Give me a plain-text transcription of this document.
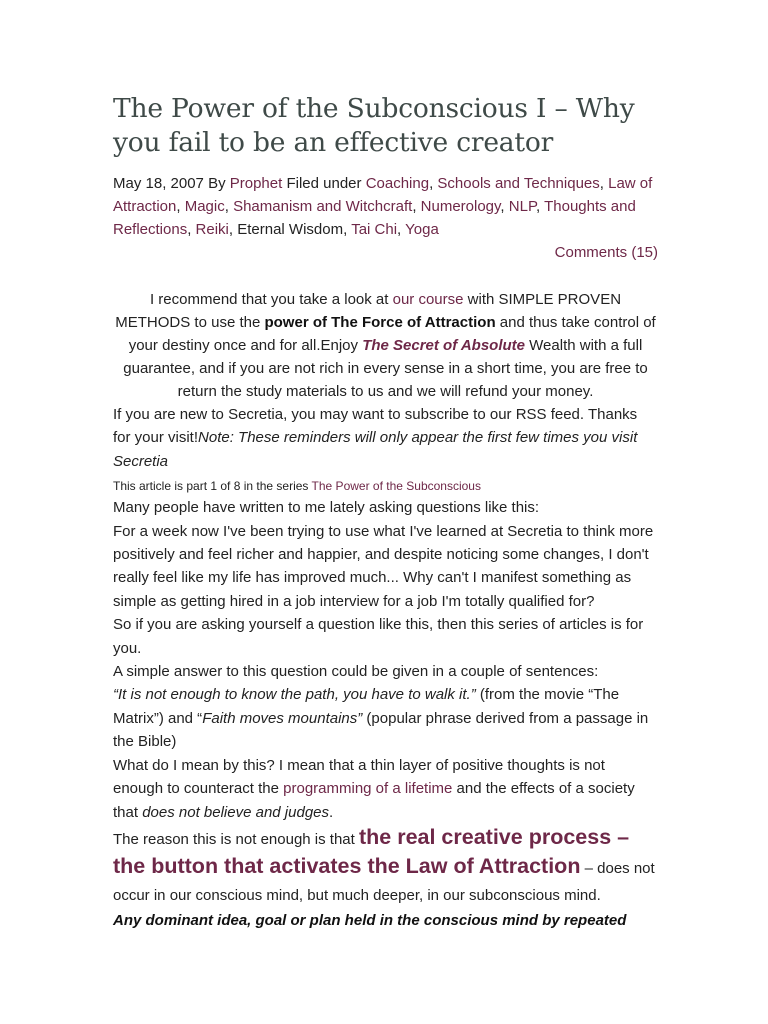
The Power of the Subconscious I – Why you fail to be an effective creator

May 18, 2007 By Prophet Filed under Coaching, Schools and Techniques, Law of Attraction, Magic, Shamanism and Witchcraft, Numerology, NLP, Thoughts and Reflections, Reiki, Eternal Wisdom, Tai Chi, Yoga

Comments (15)

I recommend that you take a look at our course with SIMPLE PROVEN METHODS to use the power of The Force of Attraction and thus take control of your destiny once and for all.Enjoy The Secret of Absolute Wealth with a full guarantee, and if you are not rich in every sense in a short time, you are free to return the study materials to us and we will refund your money.

If you are new to Secretia, you may want to subscribe to our RSS feed. Thanks for your visit!Note: These reminders will only appear the first few times you visit Secretia

This article is part 1 of 8 in the series The Power of the Subconscious

Many people have written to me lately asking questions like this:

For a week now I've been trying to use what I've learned at Secretia to think more positively and feel richer and happier, and despite noticing some changes, I don't really feel like my life has improved much... Why can't I manifest something as simple as getting hired in a job interview for a job I'm totally qualified for?

So if you are asking yourself a question like this, then this series of articles is for you.

A simple answer to this question could be given in a couple of sentences:

“It is not enough to know the path, you have to walk it.” (from the movie “The Matrix”) and “Faith moves mountains” (popular phrase derived from a passage in the Bible)

What do I mean by this? I mean that a thin layer of positive thoughts is not enough to counteract the programming of a lifetime and the effects of a society that does not believe and judges.

The reason this is not enough is that the real creative process – the button that activates the Law of Attraction – does not occur in our conscious mind, but much deeper, in our subconscious mind.

Any dominant idea, goal or plan held in the conscious mind by repeated
